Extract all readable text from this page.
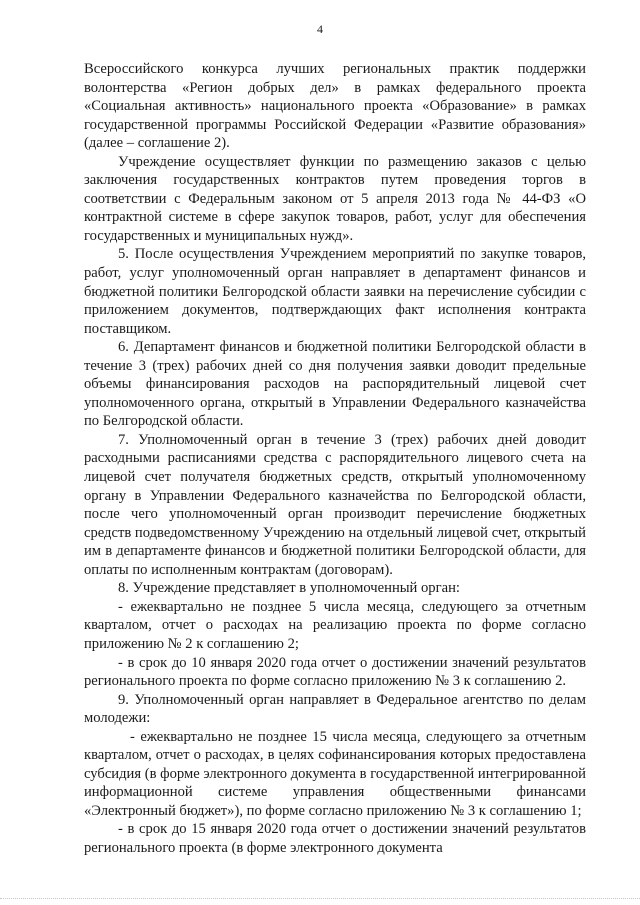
4

Всероссийского конкурса лучших региональных практик поддержки волонтерства «Регион добрых дел» в рамках федерального проекта «Социальная активность» национального проекта «Образование» в рамках государственной программы Российской Федерации «Развитие образования» (далее – соглашение 2).

Учреждение осуществляет функции по размещению заказов с целью заключения государственных контрактов путем проведения торгов в соответствии с Федеральным законом от 5 апреля 2013 года № 44-ФЗ «О контрактной системе в сфере закупок товаров, работ, услуг для обеспечения государственных и муниципальных нужд».

5. После осуществления Учреждением мероприятий по закупке товаров, работ, услуг уполномоченный орган направляет в департамент финансов и бюджетной политики Белгородской области заявки на перечисление субсидии с приложением документов, подтверждающих факт исполнения контракта поставщиком.

6. Департамент финансов и бюджетной политики Белгородской области в течение 3 (трех) рабочих дней со дня получения заявки доводит предельные объемы финансирования расходов на распорядительный лицевой счет уполномоченного органа, открытый в Управлении Федерального казначейства по Белгородской области.

7. Уполномоченный орган в течение 3 (трех) рабочих дней доводит расходными расписаниями средства с распорядительного лицевого счета на лицевой счет получателя бюджетных средств, открытый уполномоченному органу в Управлении Федерального казначейства по Белгородской области, после чего уполномоченный орган производит перечисление бюджетных средств подведомственному Учреждению на отдельный лицевой счет, открытый им в департаменте финансов и бюджетной политики Белгородской области, для оплаты по исполненным контрактам (договорам).

8. Учреждение представляет в уполномоченный орган:

- ежеквартально не позднее 5 числа месяца, следующего за отчетным кварталом, отчет о расходах на реализацию проекта по форме согласно приложению № 2 к соглашению 2;

- в срок до 10 января 2020 года отчет о достижении значений результатов регионального проекта по форме согласно приложению № 3 к соглашению 2.

9. Уполномоченный орган направляет в Федеральное агентство по делам молодежи:

- ежеквартально не позднее 15 числа месяца, следующего за отчетным кварталом, отчет о расходах, в целях софинансирования которых предоставлена субсидия (в форме электронного документа в государственной интегрированной информационной системе управления общественными финансами «Электронный бюджет»), по форме согласно приложению № 3 к соглашению 1;

- в срок до 15 января 2020 года отчет о достижении значений результатов регионального проекта (в форме электронного документа
